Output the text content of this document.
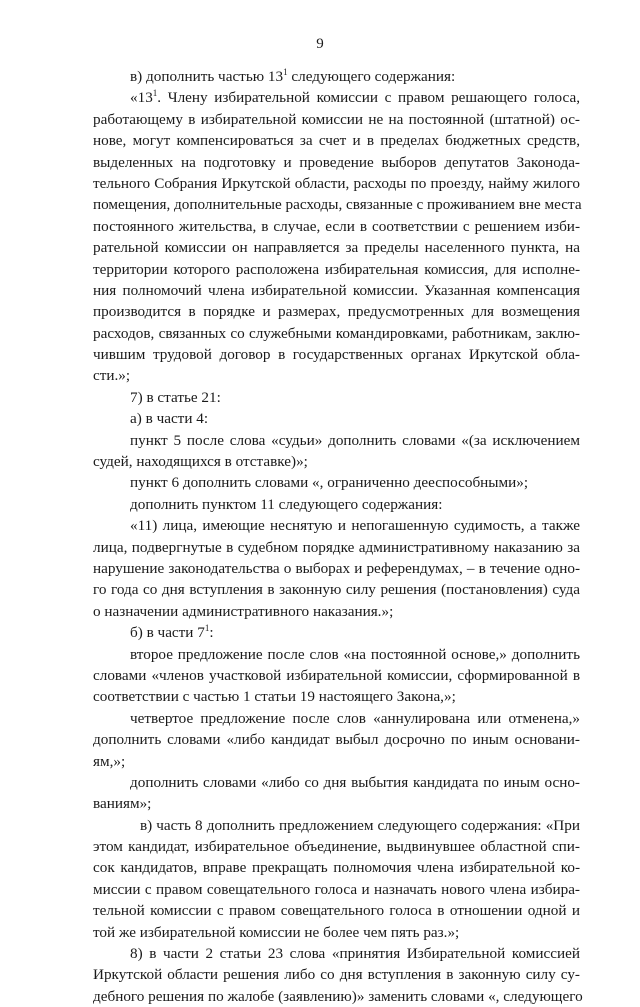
9
в) дополнить частью $13^1$ следующего содержания:
«$13^1$. Члену избирательной комиссии с правом решающего голоса,
работающему в избирательной комиссии не на постоянной (штатной) ос-
нове, могут компенсироваться за счет и в пределах бюджетных средств,
выделенных на подготовку и проведение выборов депутатов Законода-
тельного Собрания Иркутской области, расходы по проезду, найму жилого
помещения, дополнительные расходы, связанные с проживанием вне места
постоянного жительства, в случае, если в соответствии с решением изби-
рательной комиссии он направляется за пределы населенного пункта, на
территории которого расположена избирательная комиссия, для исполне-
ния полномочий члена избирательной комиссии. Указанная компенсация
производится в порядке и размерах, предусмотренных для возмещения
расходов, связанных со служебными командировками, работникам, заклю-
чившим трудовой договор в государственных органах Иркутской обла-
сти.»;
7) в статье 21:
а) в части 4:
пункт 5 после слова «судьи» дополнить словами «(за исключением
судей, находящихся в отставке)»;
пункт 6 дополнить словами «, ограниченно дееспособными»;
дополнить пунктом 11 следующего содержания:
«11) лица, имеющие неснятую и непогашенную судимость, а также
лица, подвергнутые в судебном порядке административному наказанию за
нарушение законодательства о выборах и референдумах, – в течение одно-
го года со дня вступления в законную силу решения (постановления) суда
о назначении административного наказания.»;
б) в части $7^1$:
второе предложение после слов «на постоянной основе,» дополнить
словами «членов участковой избирательной комиссии, сформированной в
соответствии с частью 1 статьи 19 настоящего Закона,»;
четвертое предложение после слов «аннулирована или отменена,»
дополнить словами «либо кандидат выбыл досрочно по иным основани-
ям,»;
дополнить словами «либо со дня выбытия кандидата по иным осно-
ваниям»;
в) часть 8 дополнить предложением следующего содержания: «При
этом кандидат, избирательное объединение, выдвинувшее областной спи-
сок кандидатов, вправе прекращать полномочия члена избирательной ко-
миссии с правом совещательного голоса и назначать нового члена избира-
тельной комиссии с правом совещательного голоса в отношении одной и
той же избирательной комиссии не более чем пять раз.»;
8) в части 2 статьи 23 слова «принятия Избирательной комиссией
Иркутской области решения либо со дня вступления в законную силу су-
дебного решения по жалобе (заявлению)» заменить словами «, следующего
